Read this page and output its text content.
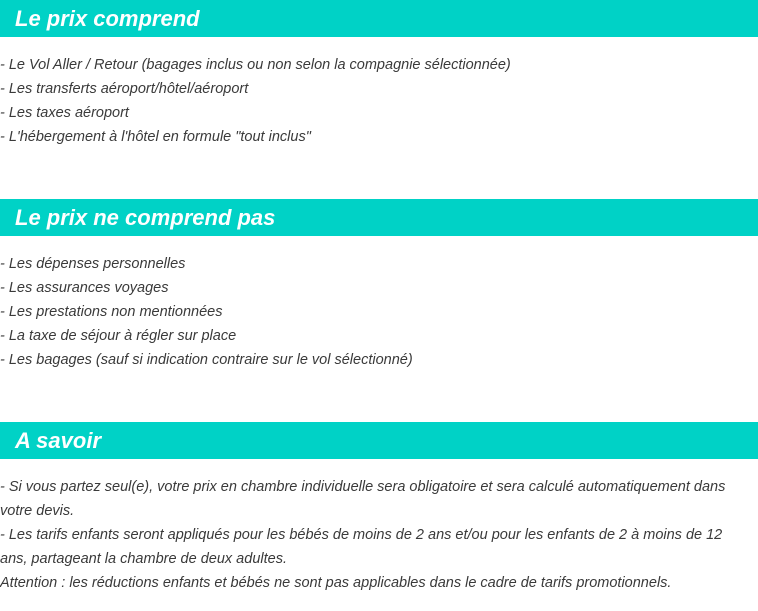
Le prix comprend
- Le Vol Aller / Retour (bagages inclus ou non selon la compagnie sélectionnée)
- Les transferts aéroport/hôtel/aéroport
- Les taxes aéroport
- L'hébergement à l'hôtel en formule "tout inclus"
Le prix ne comprend pas
- Les dépenses personnelles
- Les assurances voyages
- Les prestations non mentionnées
- La taxe de séjour à régler sur place
- Les bagages (sauf si indication contraire sur le vol sélectionné)
A savoir
- Si vous partez seul(e), votre prix en chambre individuelle sera obligatoire et sera calculé automatiquement dans votre devis.
- Les tarifs enfants seront appliqués pour les bébés de moins de 2 ans et/ou pour les enfants de 2 à moins de 12 ans, partageant la chambre de deux adultes.
Attention : les réductions enfants et bébés ne sont pas applicables dans le cadre de tarifs promotionnels.
